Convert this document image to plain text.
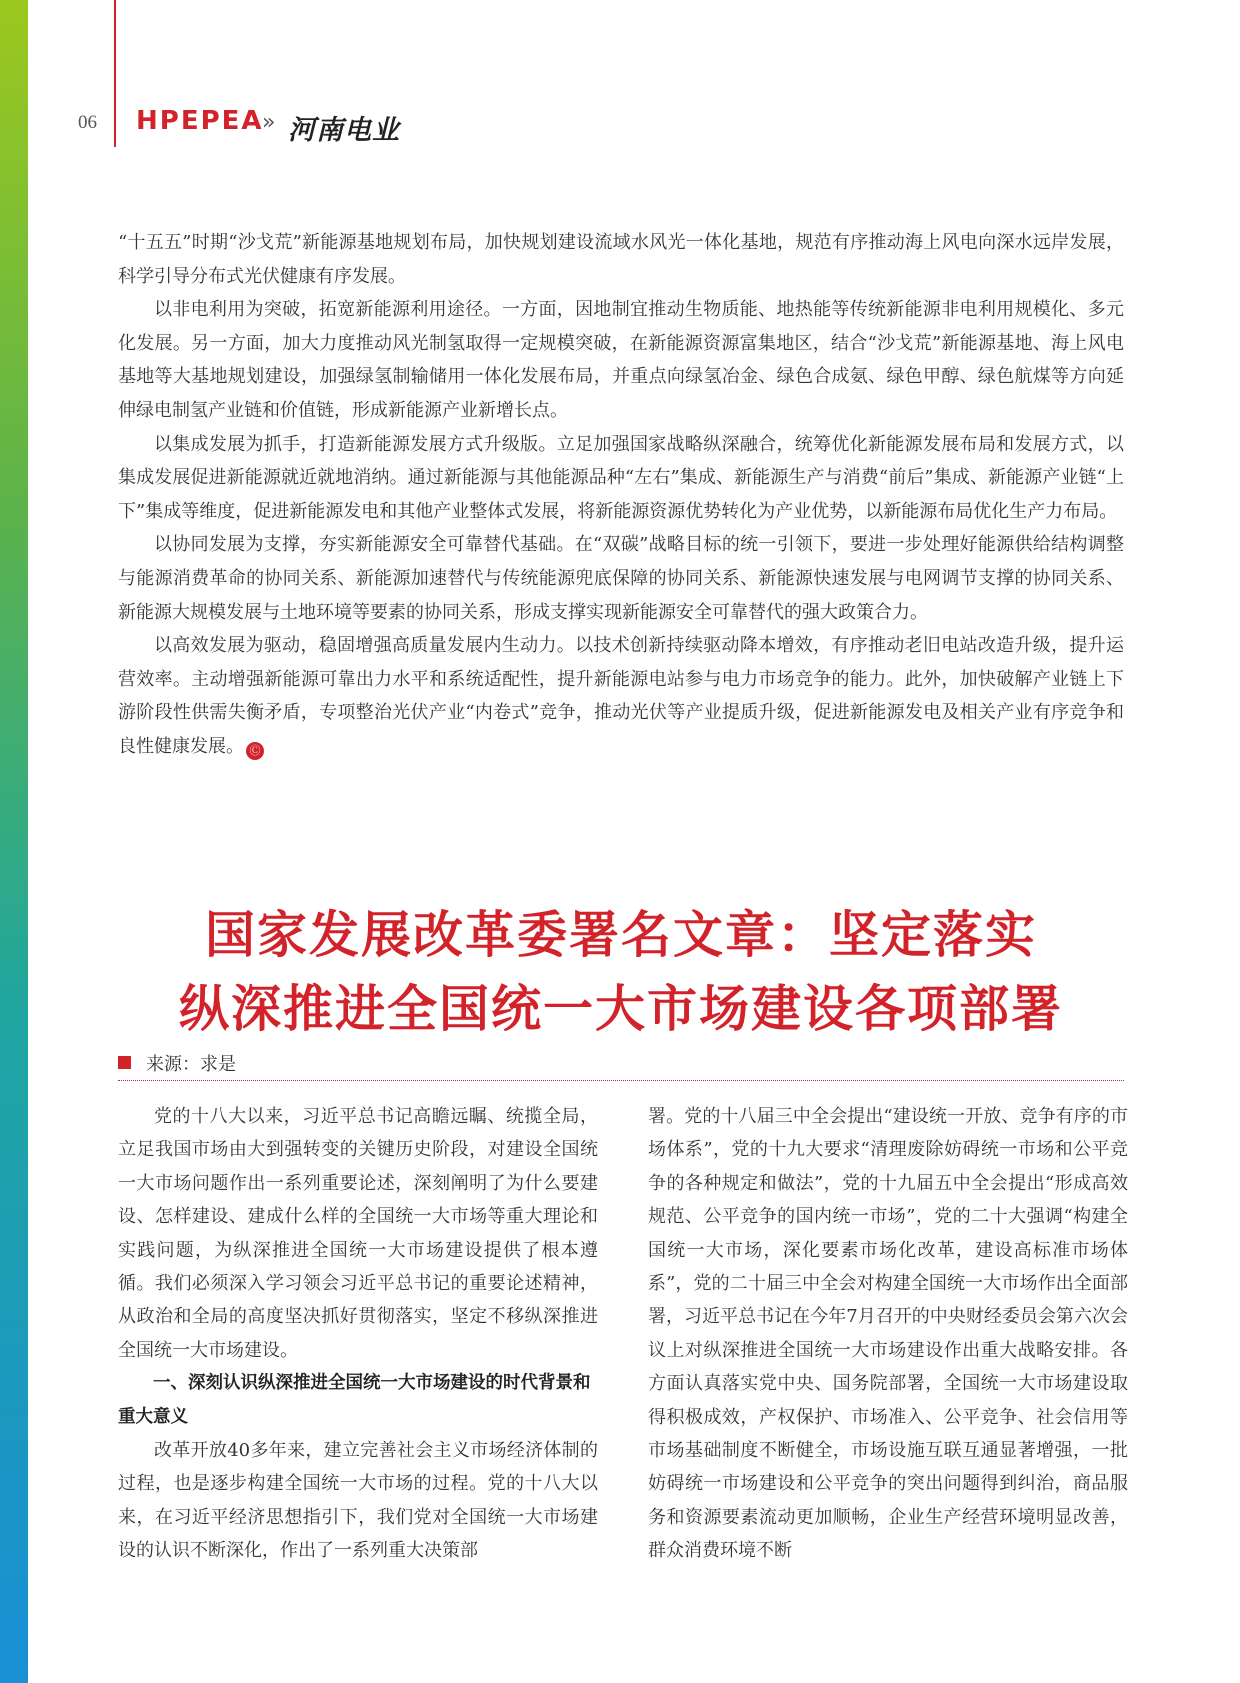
06 HPEPEA
» 河南电业

“十五五”时期“沙戈荒”新能源基地规划布局，加快规划建设流域水风光一体化基地，规范有序推动海上风电向深水远岸发展，科学引导分布式光伏健康有序发展。

以非电利用为突破，拓宽新能源利用途径。一方面，因地制宜推动生物质能、地热能等传统新能源非电利用规模化、多元化发展。另一方面，加大力度推动风光制氢取得一定规模突破，在新能源资源富集地区，结合“沙戈荒”新能源基地、海上风电基地等大基地规划建设，加强绿氢制输储用一体化发展布局，并重点向绿氢冶金、绿色合成氨、绿色甲醇、绿色航煤等方向延伸绿电制氢产业链和价值链，形成新能源产业新增长点。

以集成发展为抓手，打造新能源发展方式升级版。立足加强国家战略纵深融合，统筹优化新能源发展布局和发展方式，以集成发展促进新能源就近就地消纳。通过新能源与其他能源品种“左右”集成、新能源生产与消费“前后”集成、新能源产业链“上下”集成等维度，促进新能源发电和其他产业整体式发展，将新能源资源优势转化为产业优势，以新能源布局优化生产力布局。

以协同发展为支撑，夯实新能源安全可靠替代基础。在“双碳”战略目标的统一引领下，要进一步处理好能源供给结构调整与能源消费革命的协同关系、新能源加速替代与传统能源兜底保障的协同关系、新能源快速发展与电网调节支撑的协同关系、新能源大规模发展与土地环境等要素的协同关系，形成支撑实现新能源安全可靠替代的强大政策合力。

以高效发展为驱动，稳固增强高质量发展内生动力。以技术创新持续驱动降本增效，有序推动老旧电站改造升级，提升运营效率。主动增强新能源可靠出力水平和系统适配性，提升新能源电站参与电力市场竞争的能力。此外，加快破解产业链上下游阶段性供需失衡矛盾，专项整治光伏产业“内卷式”竞争，推动光伏等产业提质升级，促进新能源发电及相关产业有序竞争和良性健康发展。 Ⓒ

国家发展改革委署名文章：坚定落实
纵深推进全国统一大市场建设各项部署
来源：求是

党的十八大以来，习近平总书记高瞻远瞩、统揽全局，立足我国市场由大到强转变的关键历史阶段，对建设全国统一大市场问题作出一系列重要论述，深刻阐明了为什么要建设、怎样建设、建成什么样的全国统一大市场等重大理论和实践问题，为纵深推进全国统一大市场建设提供了根本遵循。我们必须深入学习领会习近平总书记的重要论述精神，从政治和全局的高度坚决抓好贯彻落实，坚定不移纵深推进全国统一大市场建设。

一、深刻认识纵深推进全国统一大市场建设的时代背景和重大意义

改革开放40多年来，建立完善社会主义市场经济体制的过程，也是逐步构建全国统一大市场的过程。党的十八大以来，在习近平经济思想指引下，我们党对全国统一大市场建设的认识不断深化，作出了一系列重大决策部

署。党的十八届三中全会提出“建设统一开放、竞争有序的市场体系”，党的十九大要求“清理废除妨碍统一市场和公平竞争的各种规定和做法”，党的十九届五中全会提出“形成高效规范、公平竞争的国内统一市场”，党的二十大强调“构建全国统一大市场，深化要素市场化改革，建设高标准市场体系”，党的二十届三中全会对构建全国统一大市场作出全面部署，习近平总书记在今年7月召开的中央财经委员会第六次会议上对纵深推进全国统一大市场建设作出重大战略安排。各方面认真落实党中央、国务院部署，全国统一大市场建设取得积极成效，产权保护、市场准入、公平竞争、社会信用等市场基础制度不断健全，市场设施互联互通显著增强，一批妨碍统一市场建设和公平竞争的突出问题得到纠治，商品服务和资源要素流动更加顺畅，企业生产经营环境明显改善，群众消费环境不断
